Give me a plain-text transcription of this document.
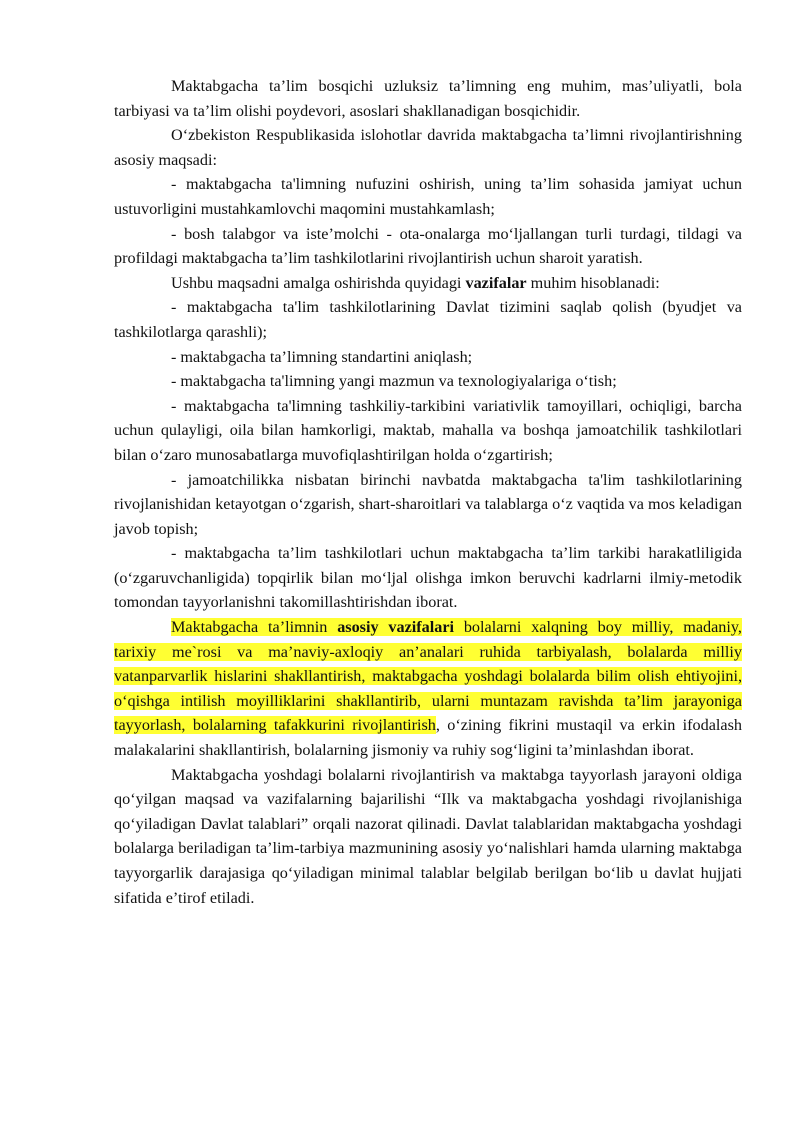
Maktabgacha ta’lim bosqichi uzluksiz ta’limning eng muhim, mas’uliyatli, bola tarbiyasi va ta’lim olishi poydevori, asoslari shakllanadigan bosqichidir.

O‘zbekiston Respublikasida islohotlar davrida maktabgacha ta’limni rivojlantirishning asosiy maqsadi:

- maktabgacha ta'limning nufuzini oshirish, uning ta’lim sohasida jamiyat uchun ustuvorligini mustahkamlovchi maqomini mustahkamlash;

- bosh talabgor va iste’molchi - ota-onalarga mo‘ljallangan turli turdagi, tildagi va profildagi maktabgacha ta’lim tashkilotlarini rivojlantirish uchun sharoit yaratish.

Ushbu maqsadni amalga oshirishda quyidagi vazifalar muhim hisoblanadi:

- maktabgacha ta'lim tashkilotlarining Davlat tizimini saqlab qolish (byudjet va tashkilotlarga qarashli);

- maktabgacha ta’limning standartini aniqlash;

- maktabgacha ta'limning yangi mazmun va texnologiyalariga o‘tish;

- maktabgacha ta'limning tashkiliy-tarkibini variativlik tamoyillari, ochiqligi, barcha uchun qulayligi, oila bilan hamkorligi, maktab, mahalla va boshqa jamoatchilik tashkilotlari bilan o‘zaro munosabatlarga muvofiqlashtirilgan holda o‘zgartirish;

- jamoatchilikka nisbatan birinchi navbatda maktabgacha ta'lim tashkilotlarining rivojlanishidan ketayotgan o‘zgarish, shart-sharoitlari va talablarga o‘z vaqtida va mos keladigan javob topish;

- maktabgacha ta’lim tashkilotlari uchun maktabgacha ta’lim tarkibi harakatliligida (o‘zgaruvchanligida) topqirlik bilan mo‘ljal olishga imkon beruvchi kadrlarni ilmiy-metodik tomondan tayyorlanishni takomillashtirishdan iborat.

Maktabgacha ta’limnin asosiy vazifalari bolalarni xalqning boy milliy, madaniy, tarixiy me`rosi va ma’naviy-axloqiy an’analari ruhida tarbiyalash, bolalarda milliy vatanparvarlik hislarini shakllantirish, maktabgacha yoshdagi bolalarda bilim olish ehtiyojini, o‘qishga intilish moyilliklarini shakllantirib, ularni muntazam ravishda ta’lim jarayoniga tayyorlash, bolalarning tafakkurini rivojlantirish, o‘zining fikrini mustaqil va erkin ifodalash malakalarini shakllantirish, bolalarning jismoniy va ruhiy sog‘ligini ta’minlashdan iborat.

Maktabgacha yoshdagi bolalarni rivojlantirish va maktabga tayyorlash jarayoni oldiga qo‘yilgan maqsad va vazifalarning bajarilishi “Ilk va maktabgacha yoshdagi rivojlanishiga qo‘yiladigan Davlat talablari” orqali nazorat qilinadi. Davlat talablaridan maktabgacha yoshdagi bolalarga beriladigan ta’lim-tarbiya mazmunining asosiy yo‘nalishlari hamda ularning maktabga tayyorgarlik darajasiga qo‘yiladigan minimal talablar belgilab berilgan bo‘lib u davlat hujjati sifatida e’tirof etiladi.
